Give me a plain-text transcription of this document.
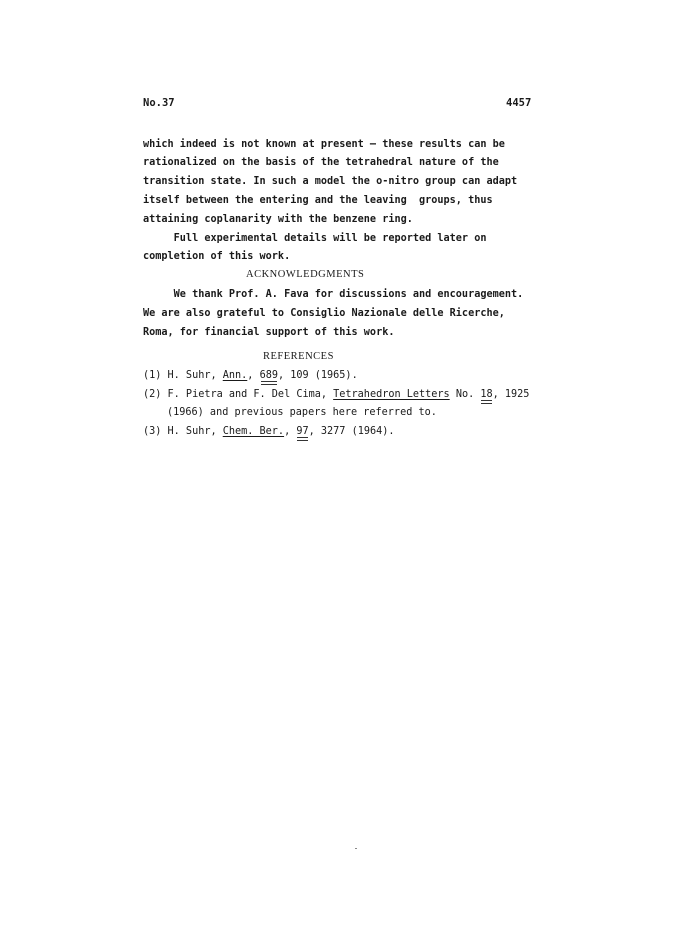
No.37	4457
which indeed is not known at present — these results can be
rationalized on the basis of the tetrahedral nature of the
transition state. In such a model the o-nitro group can adapt
itself between the entering and the leaving  groups, thus
attaining coplanarity with the benzene ring.
Full experimental details will be reported later on
completion of this work.
ACKNOWLEDGMENTS
We thank Prof. A. Fava for discussions and encouragement.
We are also grateful to Consiglio Nazionale delle Ricerche,
Roma, for financial support of this work.
REFERENCES
(1) H. Suhr, Ann., 689, 109 (1965).
(2) F. Pietra and F. Del Cima, Tetrahedron Letters No. 18, 1925
(1966) and previous papers here referred to.
(3) H. Suhr, Chem. Ber., 97, 3277 (1964).
